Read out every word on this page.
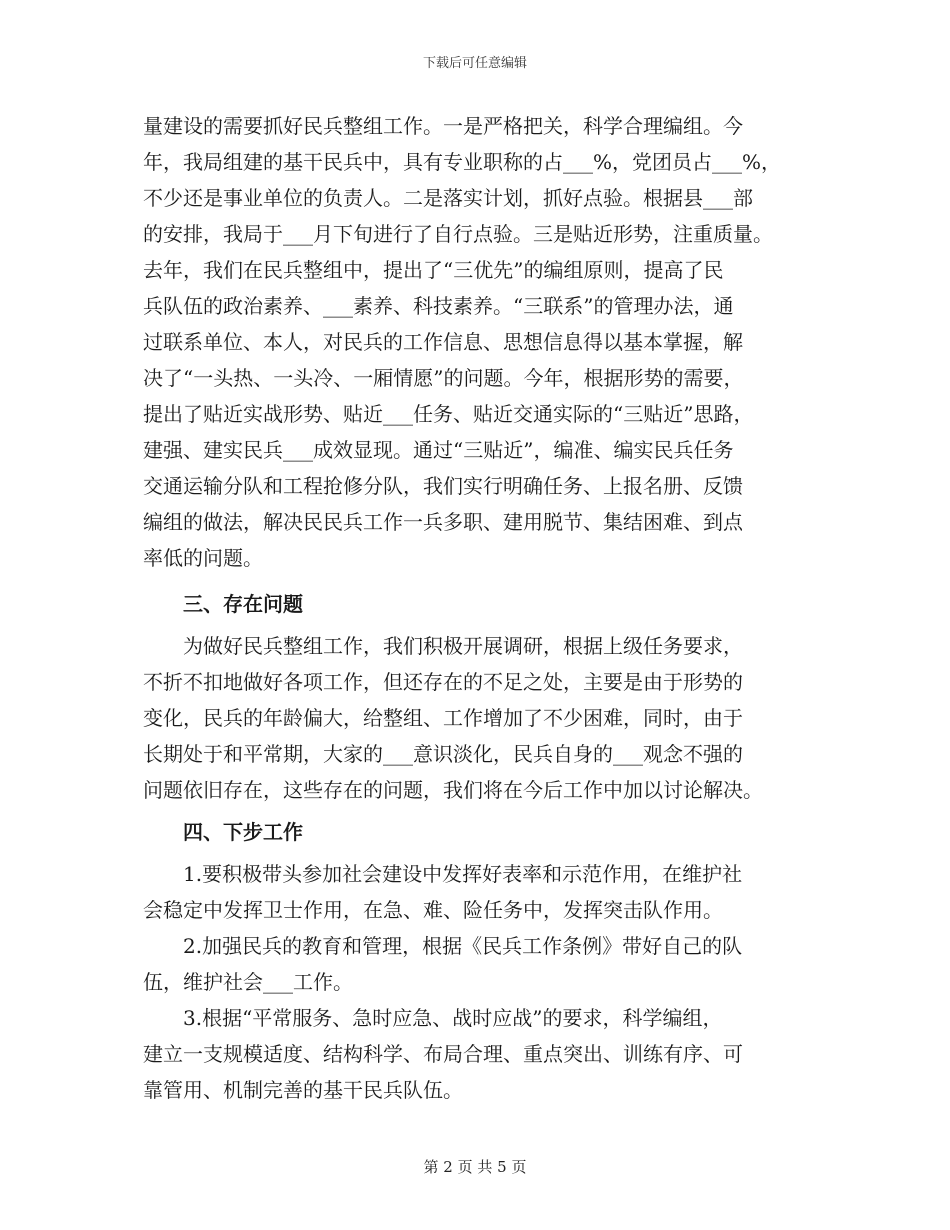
下载后可任意编辑
量建设的需要抓好民兵整组工作。一是严格把关，科学合理编组。今
年，我局组建的基干民兵中，具有专业职称的占___%，党团员占___%，
不少还是事业单位的负责人。二是落实计划，抓好点验。根据县___部
的安排，我局于___月下旬进行了自行点验。三是贴近形势，注重质量。
去年，我们在民兵整组中，提出了“三优先”的编组原则，提高了民
兵队伍的政治素养、___素养、科技素养。“三联系”的管理办法，通
过联系单位、本人，对民兵的工作信息、思想信息得以基本掌握，解
决了“一头热、一头冷、一厢情愿”的问题。今年，根据形势的需要，
提出了贴近实战形势、贴近___任务、贴近交通实际的“三贴近”思路，
建强、建实民兵___成效显现。通过“三贴近”，编准、编实民兵任务
交通运输分队和工程抢修分队，我们实行明确任务、上报名册、反馈
编组的做法，解决民民兵工作一兵多职、建用脱节、集结困难、到点
率低的问题。
三、存在问题
为做好民兵整组工作，我们积极开展调研，根据上级任务要求，
不折不扣地做好各项工作，但还存在的不足之处，主要是由于形势的
变化，民兵的年龄偏大，给整组、工作增加了不少困难，同时，由于
长期处于和平常期，大家的___意识淡化，民兵自身的___观念不强的
问题依旧存在，这些存在的问题，我们将在今后工作中加以讨论解决。
四、下步工作
1.要积极带头参加社会建设中发挥好表率和示范作用，在维护社
会稳定中发挥卫士作用，在急、难、险任务中，发挥突击队作用。
2.加强民兵的教育和管理，根据《民兵工作条例》带好自己的队
伍，维护社会___工作。
3.根据“平常服务、急时应急、战时应战”的要求，科学编组，
建立一支规模适度、结构科学、布局合理、重点突出、训练有序、可
靠管用、机制完善的基干民兵队伍。
第 2 页 共 5 页
